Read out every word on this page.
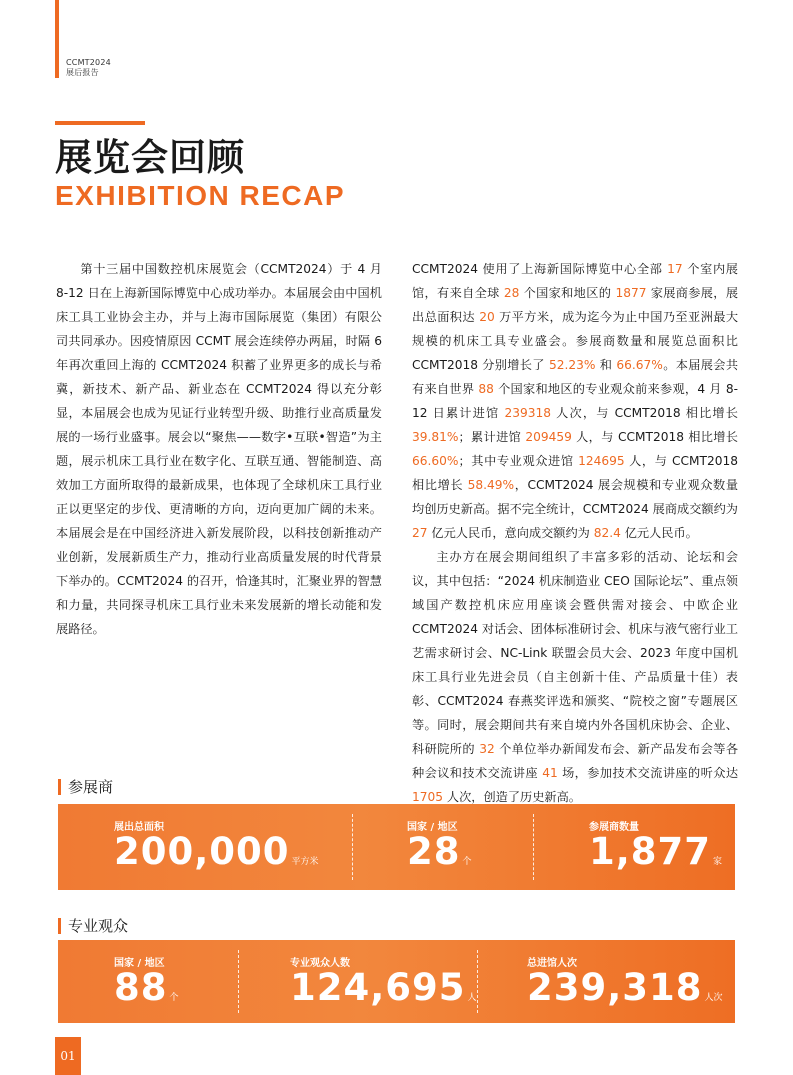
CCMT2024
展后报告
展览会回顾
EXHIBITION RECAP

第十三届中国数控机床展览会（CCMT2024）于 4 月 8-12 日在上海新国际博览中心成功举办。本届展会由中国机床工具工业协会主办，并与上海市国际展览（集团）有限公司共同承办。因疫情原因 CCMT 展会连续停办两届，时隔 6 年再次重回上海的 CCMT2024 积蓄了业界更多的成长与希冀，新技术、新产品、新业态在 CCMT2024 得以充分彰显，本届展会也成为见证行业转型升级、助推行业高质量发展的一场行业盛事。展会以“聚焦——数字•互联•智造”为主题，展示机床工具行业在数字化、互联互通、智能制造、高效加工方面所取得的最新成果，也体现了全球机床工具行业正以更坚定的步伐、更清晰的方向，迈向更加广阔的未来。本届展会是在中国经济进入新发展阶段，以科技创新推动产业创新，发展新质生产力，推动行业高质量发展的时代背景下举办的。CCMT2024 的召开，恰逢其时，汇聚业界的智慧和力量，共同探寻机床工具行业未来发展新的增长动能和发展路径。

CCMT2024 使用了上海新国际博览中心全部 17 个室内展馆，有来自全球 28 个国家和地区的 1877 家展商参展，展出总面积达 20 万平方米，成为迄今为止中国乃至亚洲最大规模的机床工具专业盛会。参展商数量和展览总面积比 CCMT2018 分别增长了 52.23% 和 66.67%。本届展会共有来自世界 88 个国家和地区的专业观众前来参观，4 月 8-12 日累计进馆 239318 人次，与 CCMT2018 相比增长 39.81%；累计进馆 209459 人，与 CCMT2018 相比增长 66.60%；其中专业观众进馆 124695 人，与 CCMT2018 相比增长 58.49%，CCMT2024 展会规模和专业观众数量均创历史新高。据不完全统计，CCMT2024 展商成交额约为 27 亿元人民币，意向成交额约为 82.4 亿元人民币。

主办方在展会期间组织了丰富多彩的活动、论坛和会议，其中包括：“2024 机床制造业 CEO 国际论坛”、重点领域国产数控机床应用座谈会暨供需对接会、中欧企业 CCMT2024 对话会、团体标准研讨会、机床与液气密行业工艺需求研讨会、NC-Link 联盟会员大会、2023 年度中国机床工具行业先进会员（自主创新十佳、产品质量十佳）表彰、CCMT2024 春燕奖评选和颁奖、“院校之窗”专题展区等。同时，展会期间共有来自境内外各国机床协会、企业、科研院所的 32 个单位举办新闻发布会、新产品发布会等各种会议和技术交流讲座 41 场，参加技术交流讲座的听众达 1705 人次，创造了历史新高。

参展商
展出总面积
200,000 平方米
国家 / 地区
28 个
参展商数量
1,877 家
专业观众
国家 / 地区
88 个
专业观众人数
124,695 人
总进馆人次
239,318 人次
01
